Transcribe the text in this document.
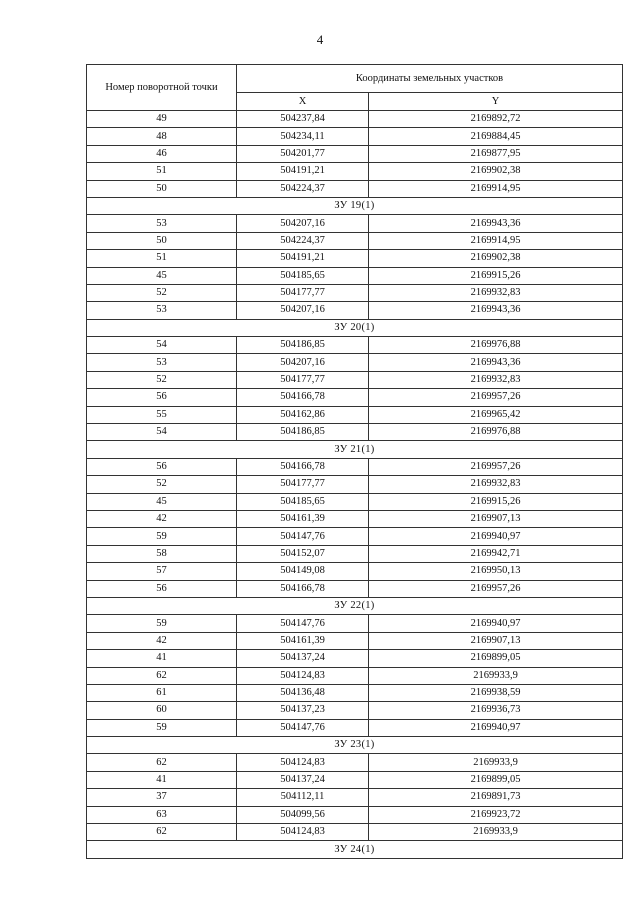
4
Номер поворотной точки	Координаты земельных участков	
	X	Y
49	504237,84	2169892,72
48	504234,11	2169884,45
46	504201,77	2169877,95
51	504191,21	2169902,38
50	504224,37	2169914,95
ЗУ 19(1)		
53	504207,16	2169943,36
50	504224,37	2169914,95
51	504191,21	2169902,38
45	504185,65	2169915,26
52	504177,77	2169932,83
53	504207,16	2169943,36
ЗУ 20(1)		
54	504186,85	2169976,88
53	504207,16	2169943,36
52	504177,77	2169932,83
56	504166,78	2169957,26
55	504162,86	2169965,42
54	504186,85	2169976,88
ЗУ 21(1)		
56	504166,78	2169957,26
52	504177,77	2169932,83
45	504185,65	2169915,26
42	504161,39	2169907,13
59	504147,76	2169940,97
58	504152,07	2169942,71
57	504149,08	2169950,13
56	504166,78	2169957,26
ЗУ 22(1)		
59	504147,76	2169940,97
42	504161,39	2169907,13
41	504137,24	2169899,05
62	504124,83	2169933,9
61	504136,48	2169938,59
60	504137,23	2169936,73
59	504147,76	2169940,97
ЗУ 23(1)		
62	504124,83	2169933,9
41	504137,24	2169899,05
37	504112,11	2169891,73
63	504099,56	2169923,72
62	504124,83	2169933,9
ЗУ 24(1)		
